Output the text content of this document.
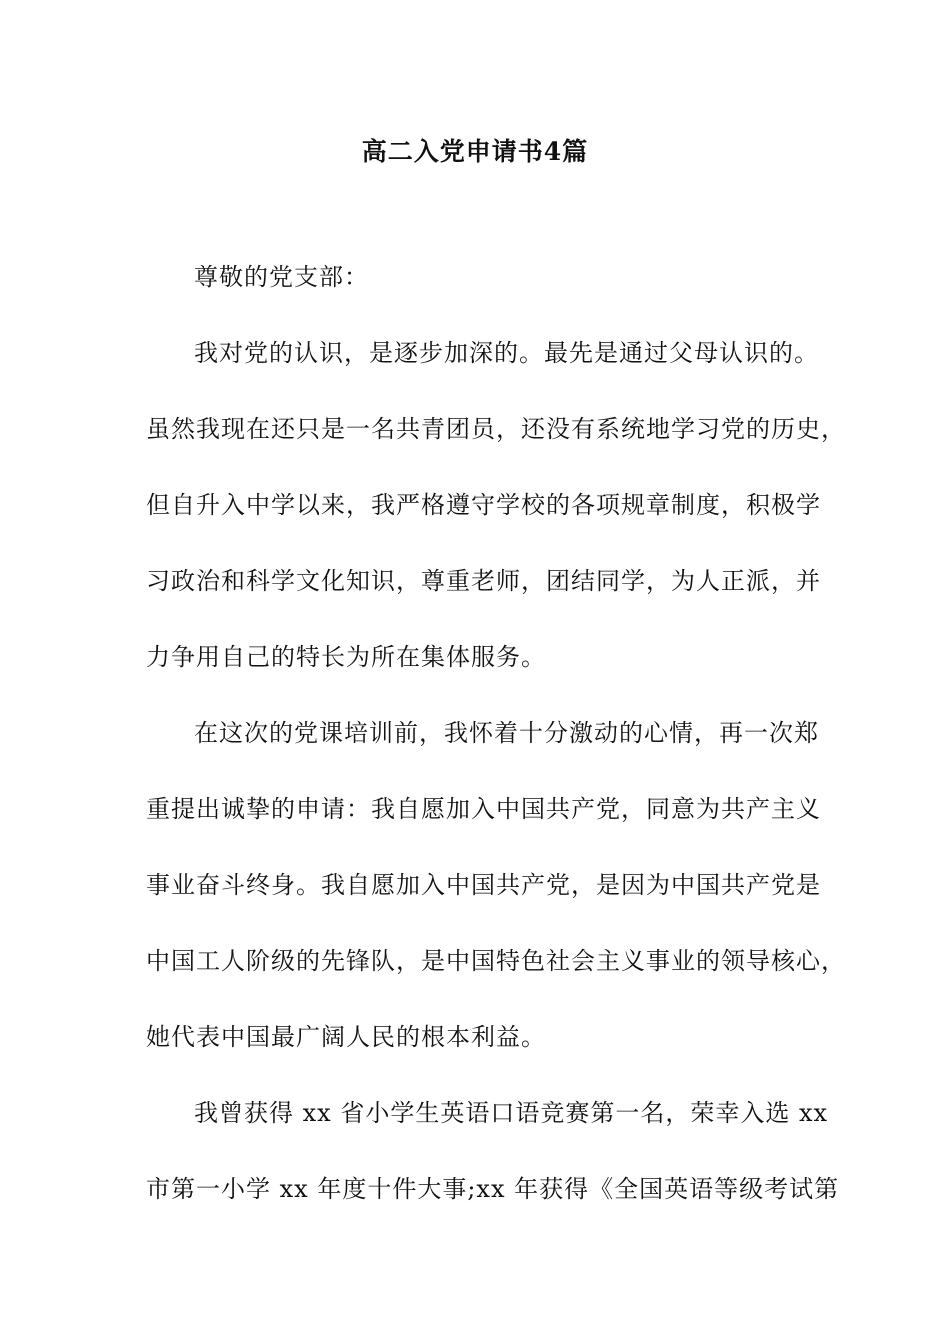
高二入党申请书4篇
尊敬的党支部：
我对党的认识，是逐步加深的。最先是通过父母认识的。
虽然我现在还只是一名共青团员，还没有系统地学习党的历史，
但自升入中学以来，我严格遵守学校的各项规章制度，积极学
习政治和科学文化知识，尊重老师，团结同学，为人正派，并
力争用自己的特长为所在集体服务。
在这次的党课培训前，我怀着十分激动的心情，再一次郑
重提出诚挚的申请：我自愿加入中国共产党，同意为共产主义
事业奋斗终身。我自愿加入中国共产党，是因为中国共产党是
中国工人阶级的先锋队，是中国特色社会主义事业的领导核心，
她代表中国最广阔人民的根本利益。
我曾获得 xx 省小学生英语口语竞赛第一名，荣幸入选 xx
市第一小学 xx 年度十件大事;xx 年获得《全国英语等级考试第
